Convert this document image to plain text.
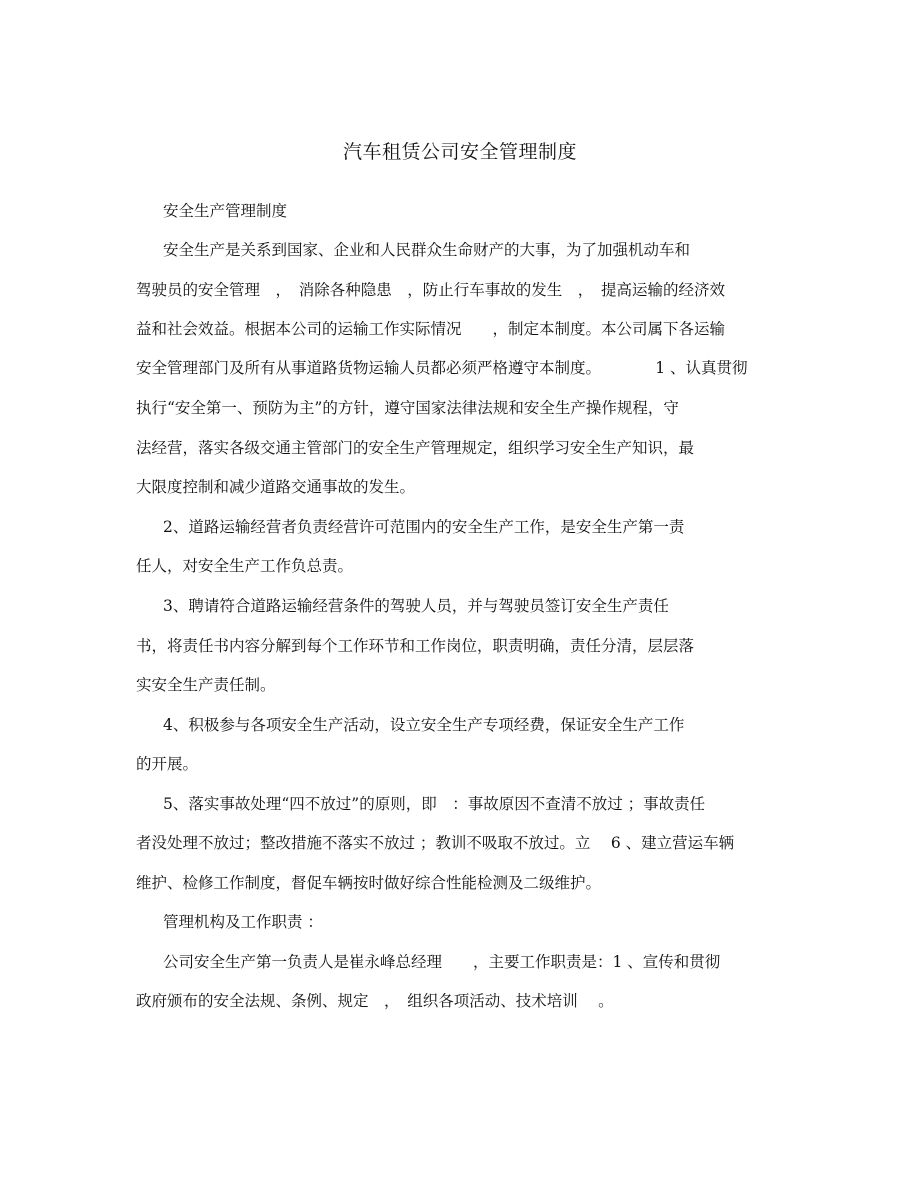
汽车租赁公司安全管理制度
安全生产管理制度
安全生产是关系到国家、企业和人民群众生命财产的大事，为了加强机动车和
驾驶员的安全管理　，　消除各种隐患　，防止行车事故的发生　，　提高运输的经济效
益和社会效益。根据本公司的运输工作实际情况　　，制定本制度。本公司属下各运输
安全管理部门及所有从事道路货物运输人员都必须严格遵守本制度。　　　　1 、认真贯彻
执行“安全第一、预防为主”的方针，遵守国家法律法规和安全生产操作规程，守
法经营，落实各级交通主管部门的安全生产管理规定，组织学习安全生产知识，最
大限度控制和减少道路交通事故的发生。
2、道路运输经营者负责经营许可范围内的安全生产工作，是安全生产第一责
任人，对安全生产工作负总责。
3、聘请符合道路运输经营条件的驾驶人员，并与驾驶员签订安全生产责任
书，将责任书内容分解到每个工作环节和工作岗位，职责明确，责任分清，层层落
实安全生产责任制。
4、积极参与各项安全生产活动，设立安全生产专项经费，保证安全生产工作
的开展。
5、落实事故处理“四不放过”的原则，即　：事故原因不查清不放过 ；事故责任
者没处理不放过；整改措施不落实不放过 ；教训不吸取不放过。立　 6 、建立营运车辆
维护、检修工作制度，督促车辆按时做好综合性能检测及二级维护。
管理机构及工作职责 ：
公司安全生产第一负责人是崔永峰总经理　　，主要工作职责是：1 、宣传和贯彻
政府颁布的安全法规、条例、规定　，　组织各项活动、技术培训　 。
